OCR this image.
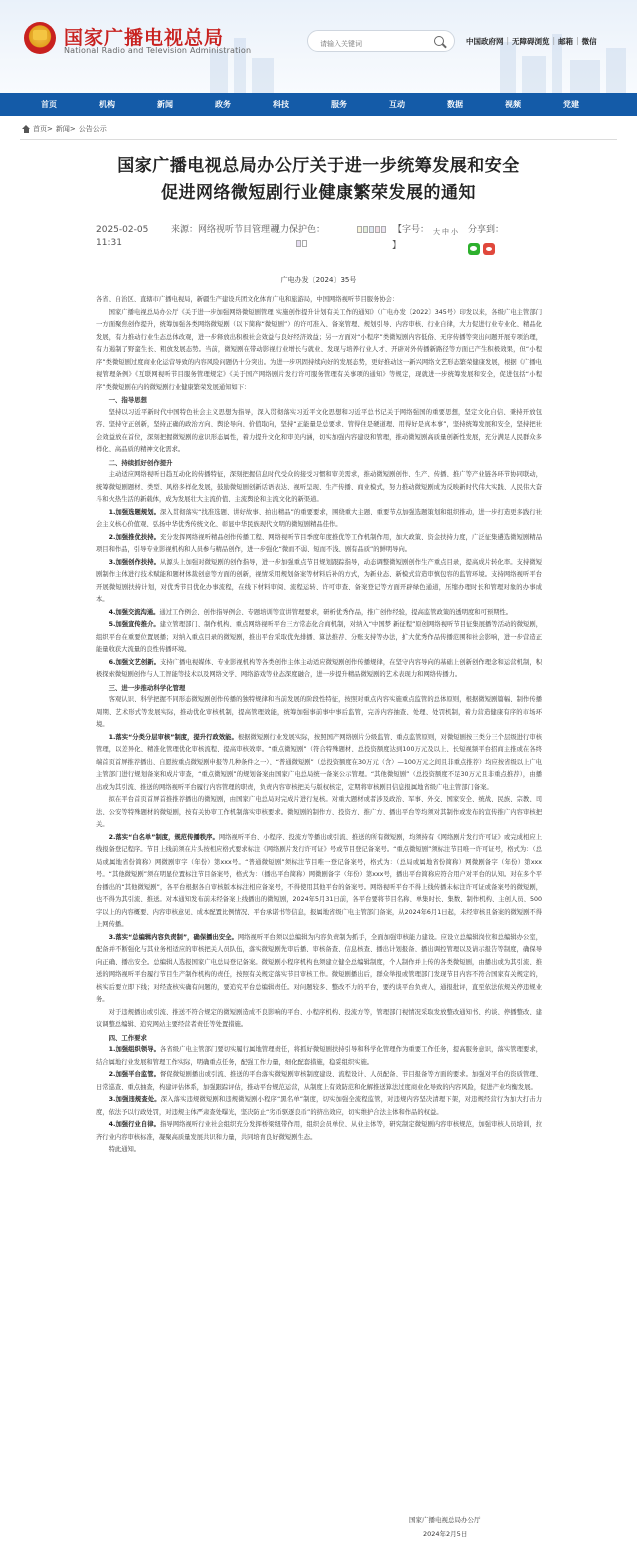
国家广播电视总局
National Radio and Television Administration
请输入关键词
中国政府网 | 无障碍浏览 | 邮箱 | 微信
首页	机构	新闻	政务	科技	服务	互动	数据	视频	党建
首页> 新闻> 公告公示
国家广播电视总局办公厅关于进一步统筹发展和安全
促进网络微短剧行业健康繁荣发展的通知
2025-02-05 11:31
来源：网络视听节目管理司
视力保护色：	【字号： 大 中 小
】
分享到：
广电办发〔2024〕35号

各省、自治区、直辖市广播电视局，新疆生产建设兵团文化体育广电和旅游局，中国网络视听节目服务协会：

国家广播电视总局办公厅《关于进一步加强网络微短剧管理 实施创作提升计划有关工作的通知》（广电办发〔2022〕345号）印发以来，各级广电主管部门一方面聚焦创作提升，统筹加强各类网络微短剧（以下简称“微短剧”）的许可准入、备案管理、规划引导、内容审核、行业自律，大力促进行业专业化、精品化发展，有力推动行业生态总体改观，进一步释放出积极社会效益与良好经济效益；另一方面对“小程序”类微短剧内容低俗、无序传播等突出问题开展专项治理，有力遏制了野蛮生长、粗放发展态势。当前，微短剧在带动影视行业增长与就业、发现与培养行业人才、开辟对外传播新路径等方面已产生积极效果，但“小程序”类微短剧过度商业化运营导致的内容风险问题仍十分突出。为进一步巩固持续向好的发展态势，更好推动这一新兴网络文艺形态繁荣健康发展，根据《广播电视管理条例》《互联网视听节目服务管理规定》《关于国产网络剧片发行许可服务管理有关事项的通知》等规定，现就进一步统筹发展和安全，促进包括“小程序”类微短剧在内的微短剧行业健康繁荣发展通知如下：

一、指导思想

坚持以习近平新时代中国特色社会主义思想为指导，深入贯彻落实习近平文化思想和习近平总书记关于网络强国的重要思想，坚定文化自信、秉持开放包容、坚持守正创新，坚持正确的政治方向、舆论导向、价值取向，坚持“正能量是总要求、管得住是硬道理、用得好是真本事”，坚持统筹发展和安全，坚持把社会效益放在首位，深刻把握微短剧的意识形态属性，着力提升文化和审美内涵，切实加强内容建设和管理，推动微短剧高质量创新性发展，充分满足人民群众多样化、高品质的精神文化需求。

二、持续抓好创作提升

主动适应网络视听日趋互动化的传播特征，深刻把握信息时代受众的接受习惯和审美需求，推动微短剧创作、生产、传播、推广等产业链各环节协同联动，统筹微短剧题材、类型、风格多样化发展，鼓励微短剧创新话语表达、视听呈现、生产传播、商业模式，努力推动微短剧成为反映新时代伟大实践、人民伟大奋斗和火热生活的新载体，成为发展壮大主流价值、主流舆论和主流文化的新渠道。

1.加强选题规划。深入贯彻落实“找准选题、讲好故事、拍出精品”的重要要求，围绕重大主题、重要节点加强选题策划和组织推动，进一步打造更多践行社会主义核心价值观、弘扬中华优秀传统文化、彰显中华民族现代文明的微短剧精品佳作。

2.加强推优扶持。充分发挥网络视听精品创作传播工程、网络视听节目季度年度推优等工作机制作用，加大政策、资金扶持力度，广泛征集遴选微短剧精品项目和作品，引导专业影视机构和人员参与精品创作，进一步强化“微而不弱、短而不浅、剧有品质”的鲜明导向。

3.加强创作扶持。从源头上加强对微短剧的创作指导，进一步加强重点节目规划跟踪指导，动态调整微短剧创作生产重点目录，提高成片转化率。支持微短剧制作主体进行技术赋能和题材体裁创意等方面的创新，视情采用规划备案等材料后补的方式，为新业态、新模式营造审慎包容的监管环境。支持网络视听平台开展微短剧扶持计划，对优秀节目优化办事流程，在线下材料审阅、流程运转、许可审查、备案登记等方面开辟绿色通道，压缩办理时长和管理对象的办事成本。

4.加强交流沟通。通过工作例会、创作指导例会、专题培训等宣讲管理要求，研析优秀作品，推广创作经验，提高监管政策的透明度和可预期性。

5.加强宣传推介。建立管理部门、制作机构、重点网络视听平台三方常态化合商机制，对纳入“中国梦 新征程”原创网络视听节目征集展播等活动的微短剧，组织平台在重要位置展播；对纳入重点目录的微短剧，推出平台采取优先排播、算法推荐、分账支持等办法，扩大优秀作品传播范围和社会影响，进一步营造正能量收获大流量的良性传播环境。

6.加强文艺创新。支持广播电视媒体、专业影视机构等各类创作主体主动适应微短剧创作传播规律，在坚守内容导向的基础上创新创作理念和运营机制，积极探索微短剧创作与人工智能等技术以及网络文学、网络游戏等业态深度融合，进一步提升精品微短剧的艺术表现力和网络传播力。

三、进一步推动科学化管理

客观认识、科学把握不同形态微短剧创作传播的独特规律和当前发展的阶段性特征，按照对重点内容实施重点监管的总体原则，根据微短剧篇幅、制作传播周期、艺术形式等发展实际，推动优化审核机制，提高管理效能，统筹加强事前事中事后监管，完善内容抽查、处理、处罚机制，着力营造健康有序的市场环境。

1.落实“分类分层审核”制度，提升行政效能。根据微短剧行业发展实际，按照国产网络剧片分级监管、重点监管原则，对微短剧按三类分三个层级进行审核管理，以差异化、精准化管理优化审核流程、提高审核效率。“重点微短剧”（符合特殊题材、总投资额度达到100万元及以上、长短视频平台招商主推或在各终端首页首屏推荐播出、自愿按重点微短剧申报等几种条件之一）、“普通微短剧”（总投资额度在30万元（含）—100万元之间且非重点推荐）均应按省级以上广电主管部门进行规划备案和成片审查，“重点微短剧”的规划备案由国家广电总局统一备案公示管理。“其他微短剧”（总投资额度不足30万元且非重点推荐），由播出或为其引流、推送的网络视听平台履行内容管理的职责，负责内容审核把关与版权核定，定期将审核剧目信息报属地省级广电主管部门备案。

拟在平台首页首屏首推推荐播出的微短剧，由国家广电总局对完成片进行复核。对重大题材或者涉及政治、军事、外交、国家安全、统战、民族、宗教、司法、公安等特殊题材的微短剧，按有关协审工作机制落实审核要求。微短剧的制作方、投资方、推广方、播出平台等均须对其制作或发布的宣传推广内容审核把关。

2.落实“白名单”制度，规范传播秩序。网络视听平台、小程序、投流方等播出或引流、推送的所有微短剧，均须持有《网络剧片发行许可证》或完成相应上线报备登记程序。节目上线前须在片头按相应格式要求标注《网络剧片发行许可证》号或节目登记备案号。“重点微短剧”须标注节目唯一许可证号，格式为：（总局或属地省份简称）网微剧审字（年份）第xxx号。“普通微短剧”须标注节目唯一登记备案号，格式为：（总局或属地省份简称）网微剧备字（年份）第xxx号。“其他微短剧”须在明显位置标注节目备案号，格式为：（播出平台简称）网微剧备字（年份）第xxx号，播出平台简称应符合用户对平台的认知。对在多个平台播出的“其他微短剧”，各平台根据各自审核版本标注相应备案号，不得使用其他平台的备案号。网络视听平台不得上线传播未标注许可证或备案号的微短剧，也不得为其引流、推送。对本通知发布前未经备案上线播出的微短剧，2024年5月31日前，各平台要将节目名称、单集时长、集数、制作机构、主创人员、500字以上的内容概要、内容审核意见、成本配置比例情况、平台承诺书等信息，报属地省级广电主管部门备案，从2024年6月1日起，未经审核且备案的微短剧不得上网传播。

3.落实“总编辑内容负责制”，确保播出安全。网络视听平台须以总编辑为内容负责制为抓手，全面加强审核能力建设。应设立总编辑岗位和总编辑办公室，配备并不断强化与其业务相适应的审核把关人员队伍，落实微短剧先审后播、审核备查、信息核查、播出计划报备、播出调控管理以及请示报告等制度，确保导向正确、播出安全。总编辑人选报国家广电总局登记备案。微短剧小程序机构也须建立健全总编辑制度，个人制作并上传的各类微短剧，由播出或为其引流、推送的网络视听平台履行节目生产制作机构的责任，按照有关规定落实节目审核工作。微短剧播出后，群众举报或管理部门发现节目内容不符合国家有关规定的，核实后要立即下线；对经查核实确有问题的，要追究平台总编辑责任。对问题较多、整改不力的平台，要约谈平台负责人，通报批评，直至依法依规关停违规业务。

对于违规播出或引流、推送不符合规定的微短剧造成不良影响的平台、小程序机构、投流方等，管理部门视情况采取发放整改通知书、约谈、停播整改、建议调整总编辑、追究网站主要经营者责任等处置措施。

四、工作要求

1.加强组织领导。各省级广电主管部门要切实履行属地管理责任，将抓好微短剧扶持引导和科学化管理作为重要工作任务，提高服务意识，落实管理要求，结合属地行业发展和管理工作实际，明确重点任务，配强工作力量，细化配套措施，稳妥组织实施。

2.加强平台监管。督促微短剧播出或引流、推送的平台落实微短剧审核制度建设、流程设计、人员配备、节目报备等方面的要求。加强对平台的资质管理、日常巡查、重点抽查，构建评估体系，加强跟踪评估，推动平台规范运营，从制度上有效防范和化解推送算法过度商业化导致的内容风险，促进产业均衡发展。

3.加强违规查处。深入落实违规微短剧和违规微短剧小程序“黑名单”制度，切实加强全流程监管，对违规内容坚决清理下架，对违规经营行为加大打击力度，依法予以行政处罚，对违规主体严肃查处曝光，坚决防止“劣币驱逐良币”的挤出效应，切实维护合法主体和作品的权益。

4.加强行业自律。指导网络视听行业社会组织充分发挥桥梁纽带作用，组织会员单位、从业主体等，研究制定微短剧内容审核规范，加强审核人员培训，拉齐行业内容审核标准，凝聚高质量发展共识和力量，共同培育良好微短剧生态。

特此通知。

国家广播电视总局办公厅
2024年2月5日
